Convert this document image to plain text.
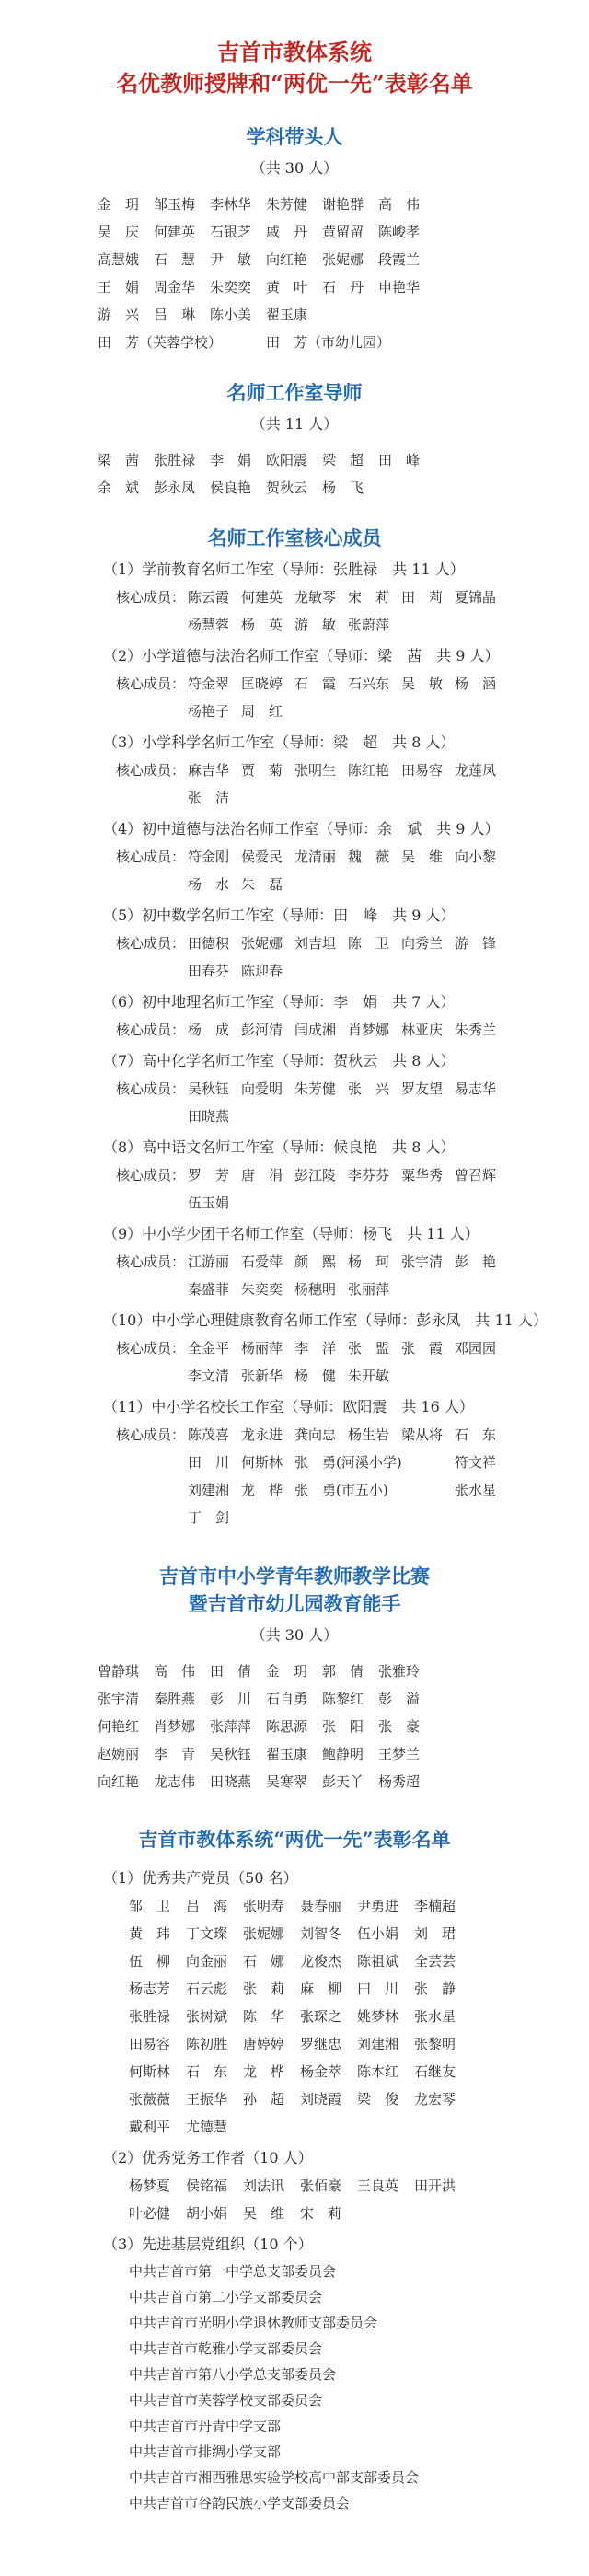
吉首市教体系统
名优教师授牌和“两优一先”表彰名单
学科带头人
（共 30 人）
金　玥	邹玉梅	李林华	朱芳健	谢艳群	高　伟
吴　庆	何建英	石银芝	戚　丹	黄留留	陈峻孝
高慧娥	石　慧	尹　敏	向红艳	张妮娜	段霞兰
王　娟	周金华	朱奕奕	黄　叶	石　丹	申艳华
游　兴	吕　琳	陈小美	翟玉康
田　芳（芙蓉学校）	田　芳（市幼儿园）
名师工作室导师
（共 11 人）
梁　茜	张胜禄	李　娟	欧阳震	梁　超	田　峰
余　斌	彭永凤	侯良艳	贺秋云	杨　飞
名师工作室核心成员
（1）学前教育名师工作室（导师：张胜禄　共 11 人）
核心成员： 陈云霞 何建英 龙敏琴 宋　莉 田　莉 夏锦晶
杨慧蓉 杨　英 游　敏 张蔚萍
（2）小学道德与法治名师工作室（导师：梁　茜　共 9 人）
核心成员： 符金翠 匡晓婷 石　霞 石兴东 吴　敏 杨　涵
杨艳子 周　红
（3）小学科学名师工作室（导师：梁　超　共 8 人）
核心成员： 麻吉华 贾　菊 张明生 陈红艳 田易容 龙莲凤
张　洁
（4）初中道德与法治名师工作室（导师：余　斌　共 9 人）
核心成员： 符金刚 侯爱民 龙清丽 魏　薇 吴　维 向小黎
杨　水 朱　磊
（5）初中数学名师工作室（导师：田　峰　共 9 人）
核心成员： 田德积 张妮娜 刘吉坦 陈　卫 向秀兰 游　锋
田春芬 陈迎春
（6）初中地理名师工作室（导师：李　娟　共 7 人）
核心成员： 杨　成 彭河清 闫成湘 肖梦娜 林亚庆 朱秀兰
（7）高中化学名师工作室（导师：贺秋云　共 8 人）
核心成员： 吴秋钰 向爱明 朱芳健 张　兴 罗友望 易志华
田晓燕
（8）高中语文名师工作室（导师：候良艳　共 8 人）
核心成员： 罗　芳 唐　涓 彭江陵 李芬芬 粟华秀 曾召辉
伍玉娟
（9）中小学少团干名师工作室（导师：杨飞　共 11 人）
核心成员： 江游丽 石爱萍 颜　熙 杨　珂 张宇清 彭　艳
秦盛菲 朱奕奕 杨穗明 张丽萍
（10）中小学心理健康教育名师工作室（导师：彭永凤　共 11 人）
核心成员： 全金平 杨丽萍 李　洋 张　盟 张　霞 邓园园
李文清 张新华 杨　健 朱开敏
（11）中小学名校长工作室（导师：欧阳震　共 16 人）
核心成员： 陈茂喜 龙永进 龚向忠 杨生岩 梁从将 石　东
田　川 何斯林 张　勇(河溪小学)	符文祥
刘建湘 龙　桦 张　勇(市五小)	张水星
丁　剑
吉首市中小学青年教师教学比赛
暨吉首市幼儿园教育能手
（共 30 人）
曾静琪	高　伟	田　倩	金　玥	郭　倩	张雅玲
张宇清	秦胜燕	彭　川	石自勇	陈黎红	彭　溢
何艳红	肖梦娜	张萍萍	陈思源	张　阳	张　豪
赵婉丽	李　青	吴秋钰	翟玉康	鲍静明	王梦兰
向红艳	龙志伟	田晓燕	吴寒翠	彭天丫	杨秀超
吉首市教体系统“两优一先”表彰名单
（1）优秀共产党员（50 名）
邹　卫	吕　海	张明寿	聂春丽	尹勇进	李楠超
黄　玮	丁文璨	张妮娜	刘智冬	伍小娟	刘　珺
伍　柳	向金丽	石　娜	龙俊杰	陈祖斌	全芸芸
杨志芳	石云彪	张　莉	麻　柳	田　川	张　静
张胜禄	张树斌	陈　华	张琛之	姚梦林	张水星
田易容	陈初胜	唐婷婷	罗继忠	刘建湘	张黎明
何斯林	石　东	龙　桦	杨金萃	陈本红	石继友
张薇薇	王振华	孙　超	刘晓霞	梁　俊	龙宏琴
戴利平	尤德慧
（2）优秀党务工作者（10 人）
杨梦夏	侯铭福	刘法讯	张佰豪	王良英	田开洪
叶必健	胡小娟	吴　维	宋　莉
（3）先进基层党组织（10 个）
中共吉首市第一中学总支部委员会
中共吉首市第二小学支部委员会
中共吉首市光明小学退休教师支部委员会
中共吉首市乾雅小学支部委员会
中共吉首市第八小学总支部委员会
中共吉首市芙蓉学校支部委员会
中共吉首市丹青中学支部
中共吉首市排绸小学支部
中共吉首市湘西雅思实验学校高中部支部委员会
中共吉首市谷韵民族小学支部委员会
